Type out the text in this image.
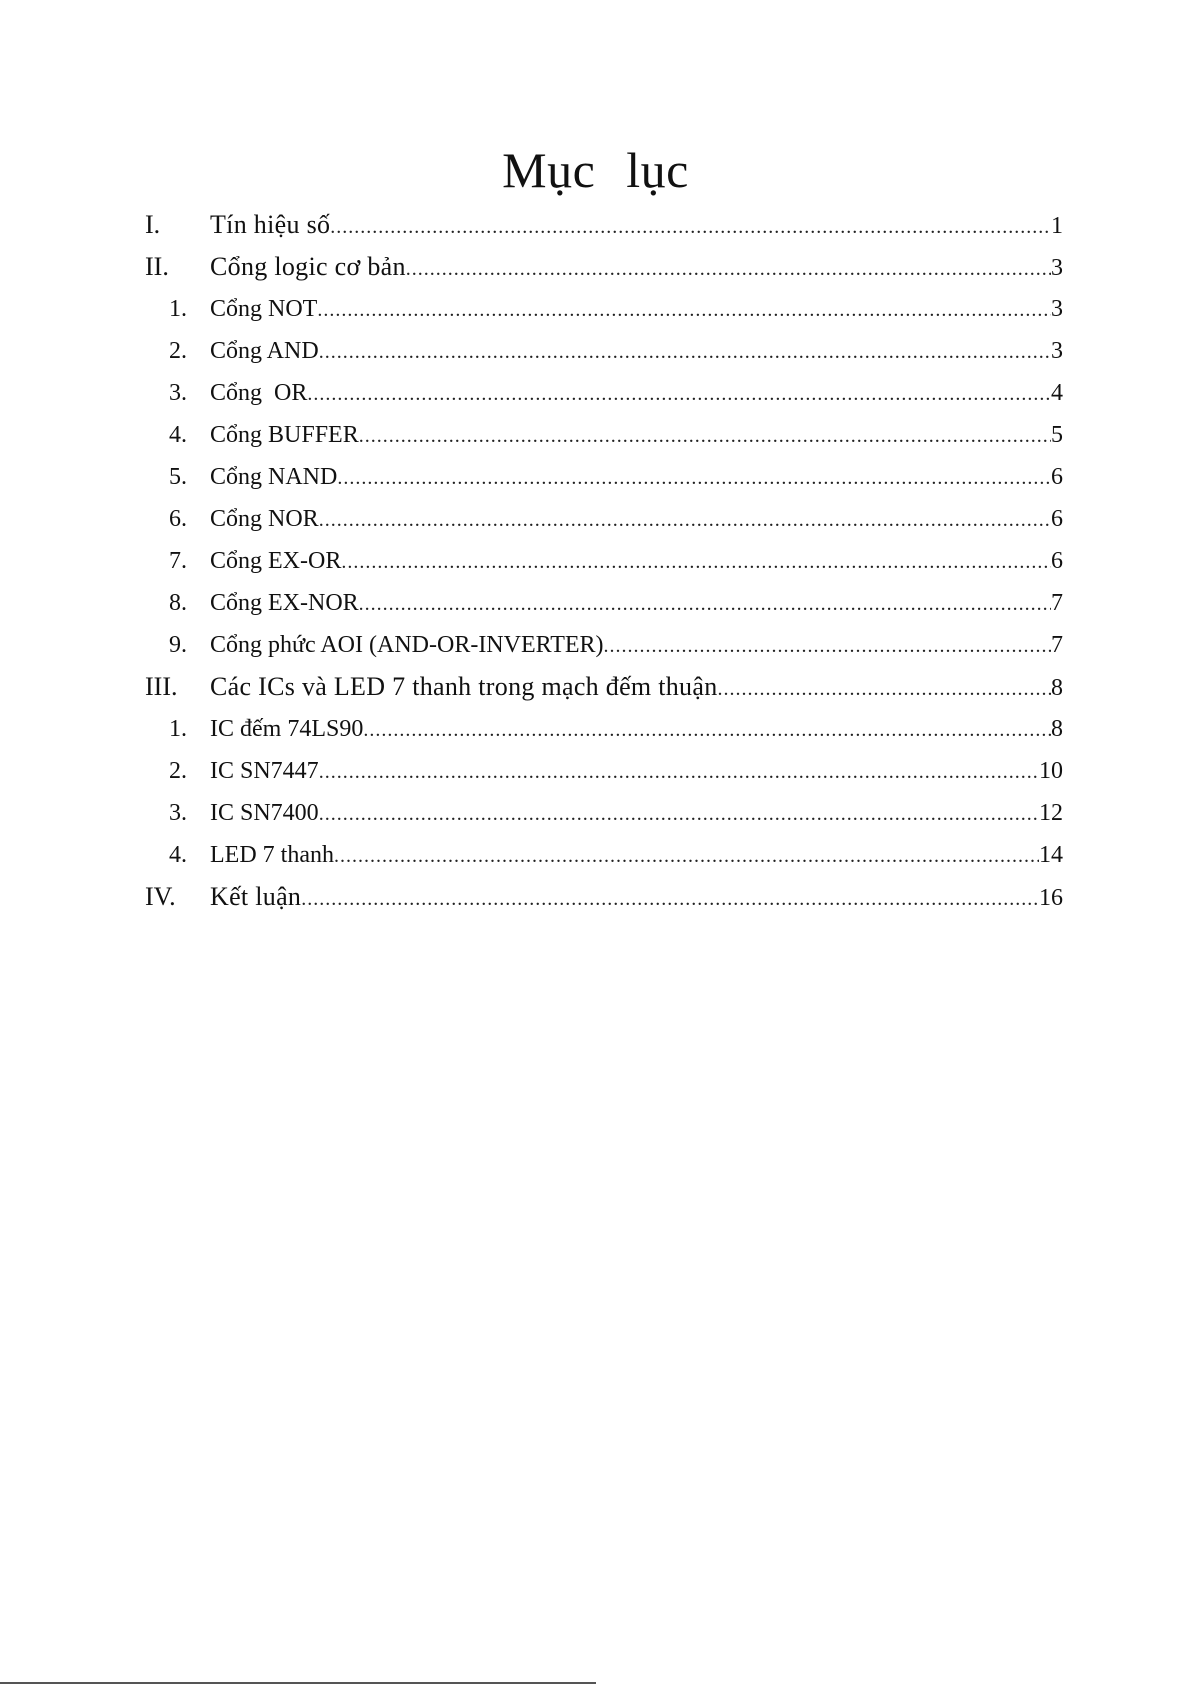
Mục lục
I. Tín hiệu số .....	1
II. Cổng logic cơ bản .....	3
1. Cổng NOT .....	3
2. Cổng AND .....	3
3. Cổng  OR .....	4
4. Cổng BUFFER .....	5
5. Cổng NAND .....	6
6. Cổng NOR .....	6
7. Cổng EX-OR .....	6
8. Cổng EX-NOR .....	7
9. Cổng phức AOI (AND-OR-INVERTER) .....	7
III. Các ICs và LED 7 thanh trong mạch đếm thuận .....	8
1. IC đếm 74LS90 .....	8
2. IC SN7447 .....	10
3. IC SN7400 .....	12
4. LED 7 thanh .....	14
IV. Kết luận .....	16
